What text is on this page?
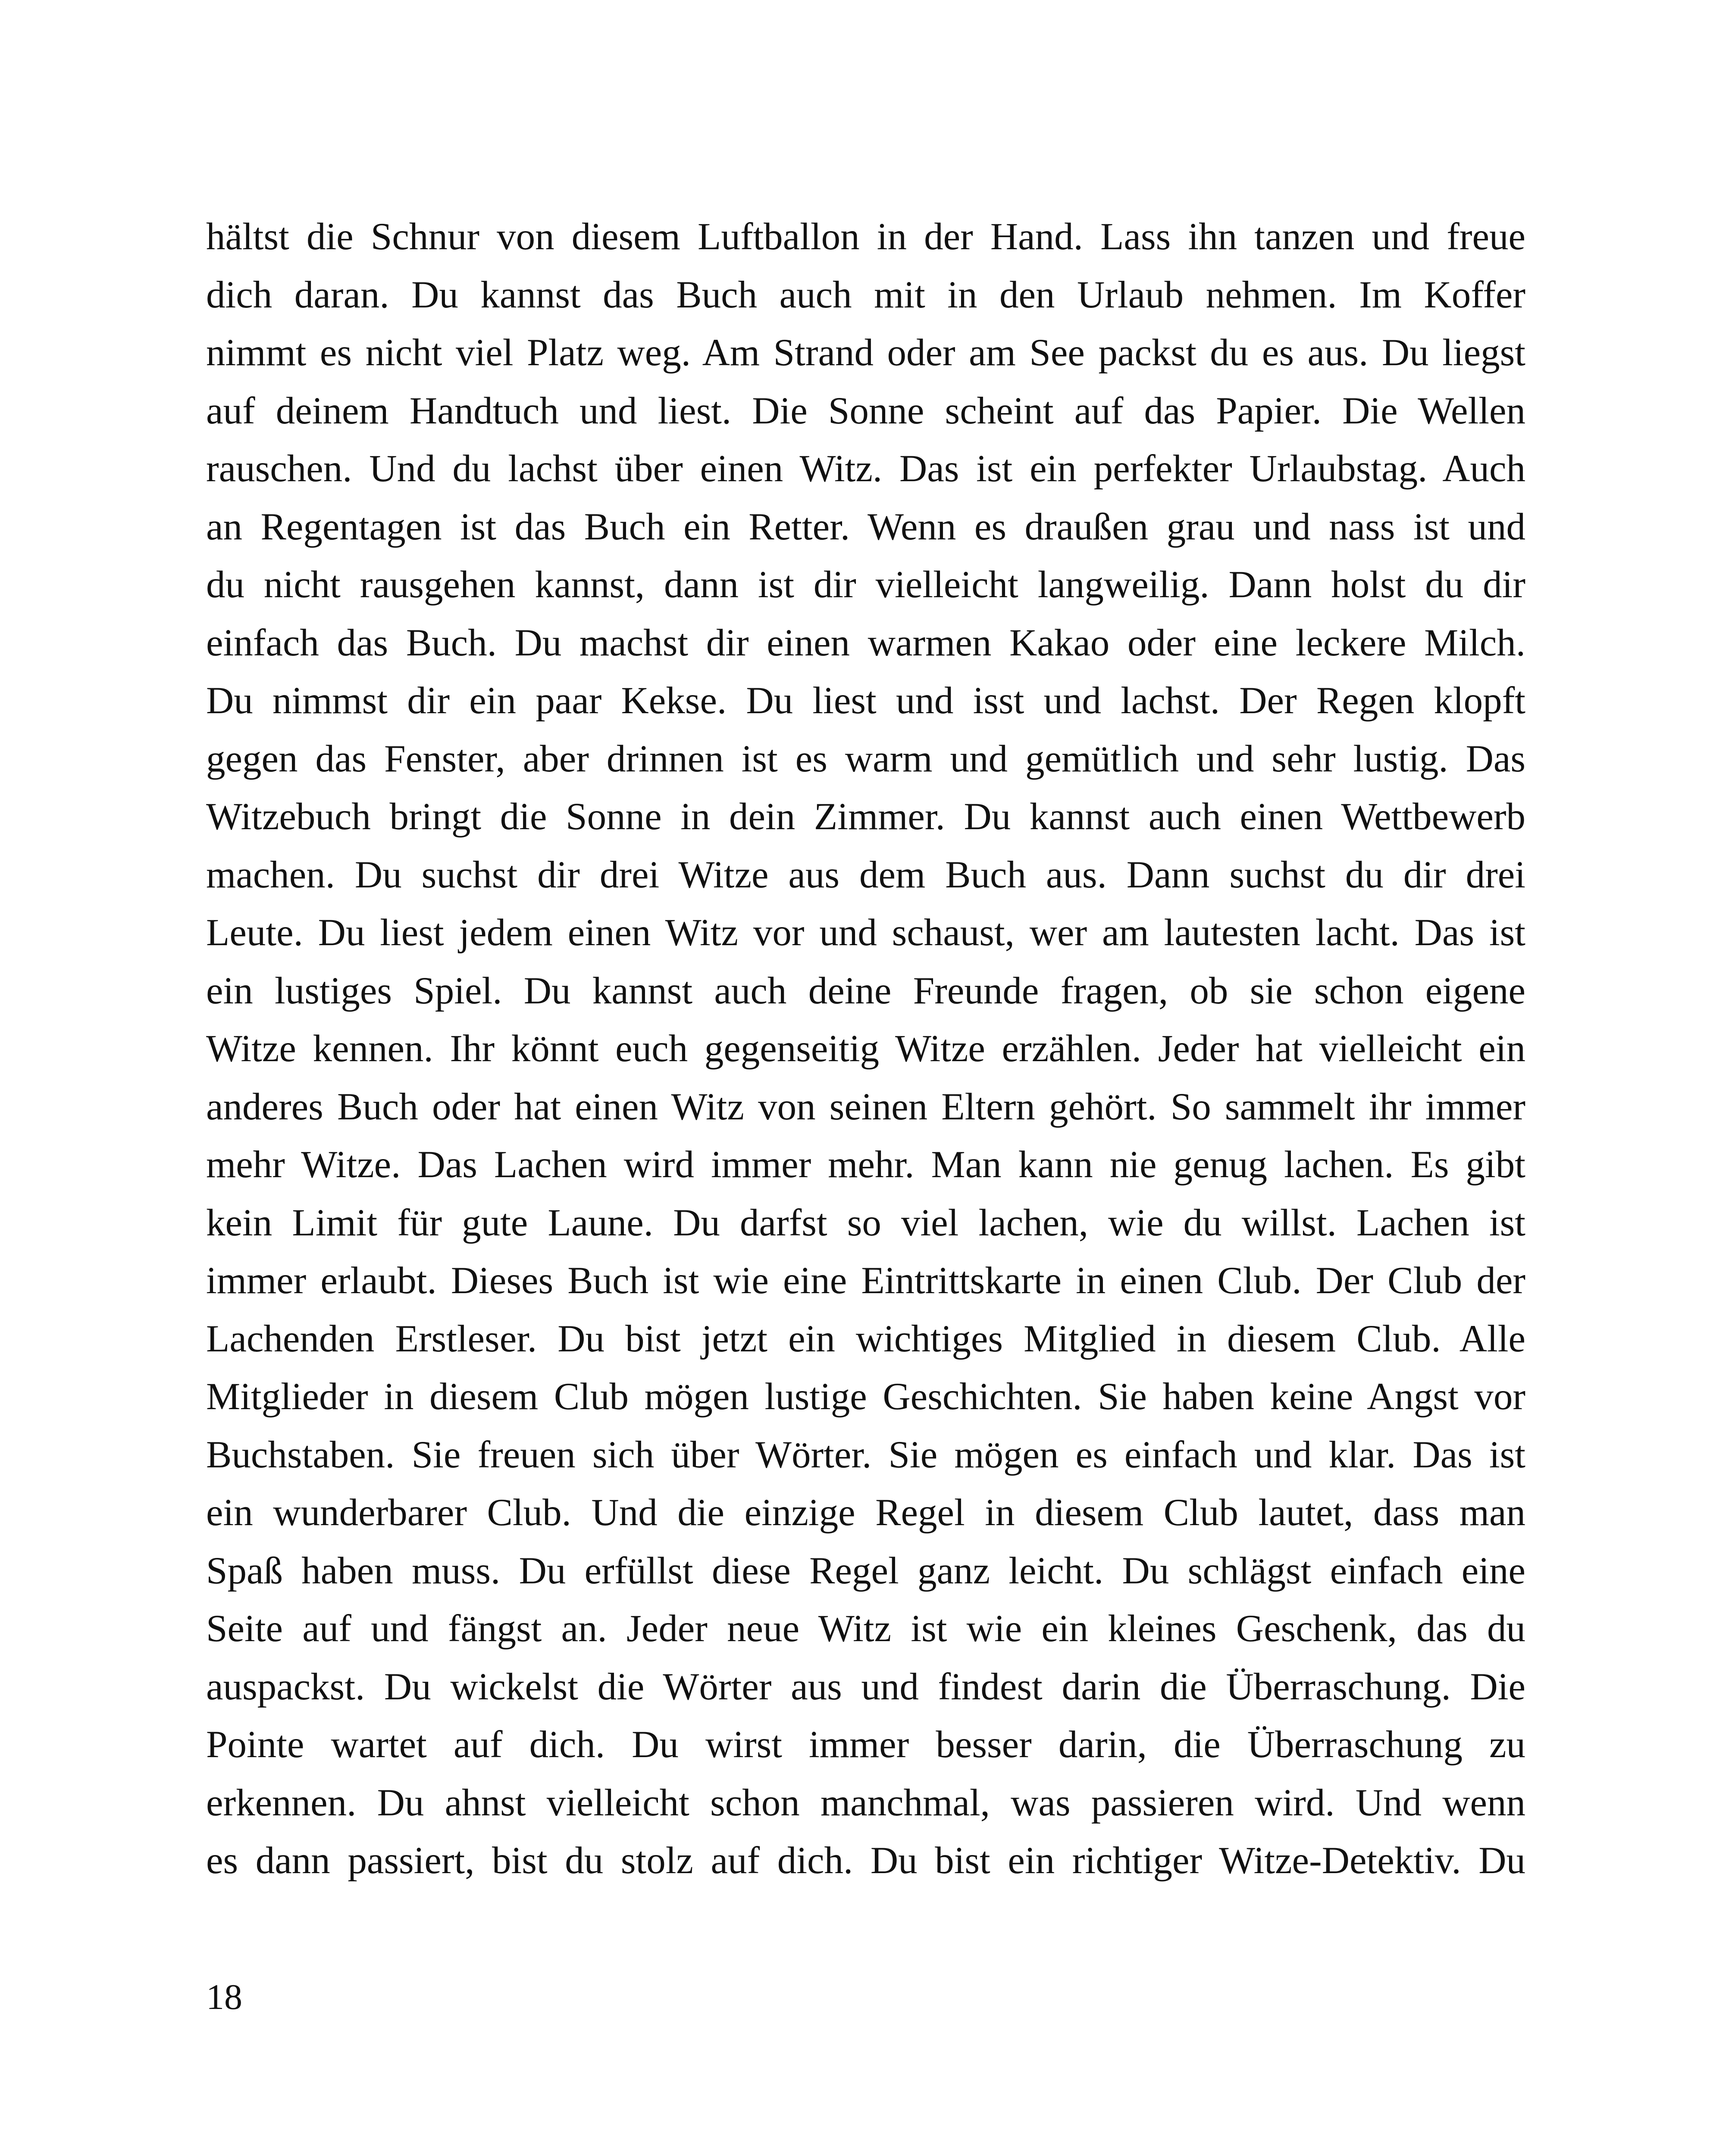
hältst die Schnur von diesem Luftballon in der Hand. Lass ihn tanzen und freue
dich daran. Du kannst das Buch auch mit in den Urlaub nehmen. Im Koffer
nimmt es nicht viel Platz weg. Am Strand oder am See packst du es aus. Du liegst
auf deinem Handtuch und liest. Die Sonne scheint auf das Papier. Die Wellen
rauschen. Und du lachst über einen Witz. Das ist ein perfekter Urlaubstag. Auch
an Regentagen ist das Buch ein Retter. Wenn es draußen grau und nass ist und
du nicht rausgehen kannst, dann ist dir vielleicht langweilig. Dann holst du dir
einfach das Buch. Du machst dir einen warmen Kakao oder eine leckere Milch.
Du nimmst dir ein paar Kekse. Du liest und isst und lachst. Der Regen klopft
gegen das Fenster, aber drinnen ist es warm und gemütlich und sehr lustig. Das
Witzebuch bringt die Sonne in dein Zimmer. Du kannst auch einen Wettbewerb
machen. Du suchst dir drei Witze aus dem Buch aus. Dann suchst du dir drei
Leute. Du liest jedem einen Witz vor und schaust, wer am lautesten lacht. Das ist
ein lustiges Spiel. Du kannst auch deine Freunde fragen, ob sie schon eigene
Witze kennen. Ihr könnt euch gegenseitig Witze erzählen. Jeder hat vielleicht ein
anderes Buch oder hat einen Witz von seinen Eltern gehört. So sammelt ihr immer
mehr Witze. Das Lachen wird immer mehr. Man kann nie genug lachen. Es gibt
kein Limit für gute Laune. Du darfst so viel lachen, wie du willst. Lachen ist
immer erlaubt. Dieses Buch ist wie eine Eintrittskarte in einen Club. Der Club der
Lachenden Erstleser. Du bist jetzt ein wichtiges Mitglied in diesem Club. Alle
Mitglieder in diesem Club mögen lustige Geschichten. Sie haben keine Angst vor
Buchstaben. Sie freuen sich über Wörter. Sie mögen es einfach und klar. Das ist
ein wunderbarer Club. Und die einzige Regel in diesem Club lautet, dass man
Spaß haben muss. Du erfüllst diese Regel ganz leicht. Du schlägst einfach eine
Seite auf und fängst an. Jeder neue Witz ist wie ein kleines Geschenk, das du
auspackst. Du wickelst die Wörter aus und findest darin die Überraschung. Die
Pointe wartet auf dich. Du wirst immer besser darin, die Überraschung zu
erkennen. Du ahnst vielleicht schon manchmal, was passieren wird. Und wenn
es dann passiert, bist du stolz auf dich. Du bist ein richtiger Witze-Detektiv. Du
18
